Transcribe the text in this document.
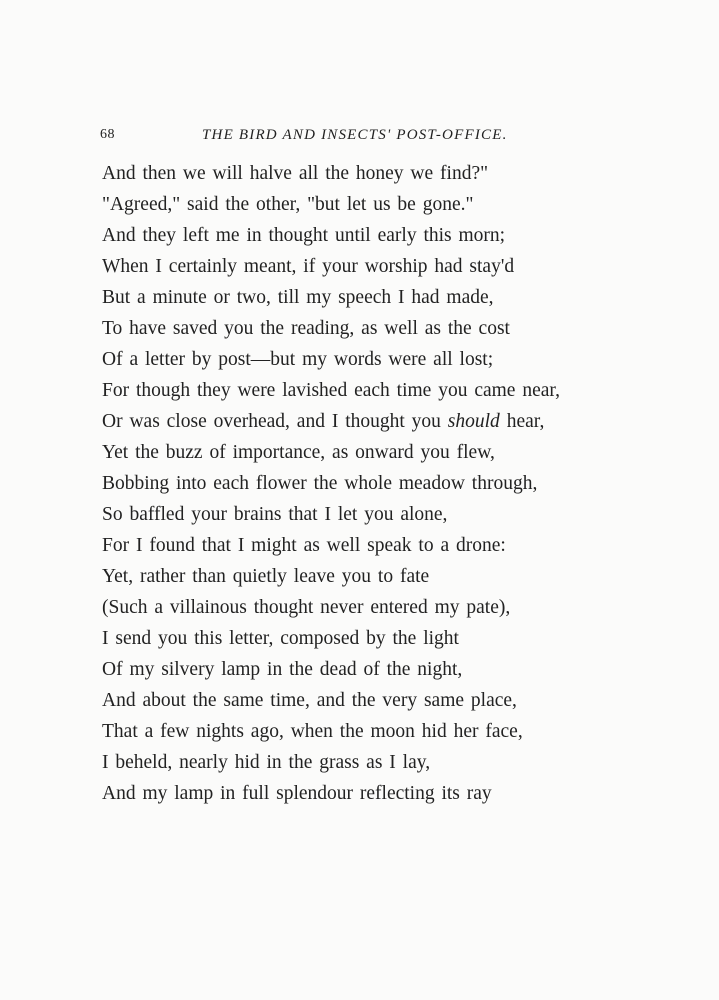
68	THE BIRD AND INSECTS' POST-OFFICE.
And then we will halve all the honey we find?"
"Agreed," said the other, "but let us be gone."
And they left me in thought until early this morn;
When I certainly meant, if your worship had stay'd
But a minute or two, till my speech I had made,
To have saved you the reading, as well as the cost
Of a letter by post—but my words were all lost;
For though they were lavished each time you came near,
Or was close overhead, and I thought you should hear,
Yet the buzz of importance, as onward you flew,
Bobbing into each flower the whole meadow through,
So baffled your brains that I let you alone,
For I found that I might as well speak to a drone:
Yet, rather than quietly leave you to fate
(Such a villainous thought never entered my pate),
I send you this letter, composed by the light
Of my silvery lamp in the dead of the night,
And about the same time, and the very same place,
That a few nights ago, when the moon hid her face,
I beheld, nearly hid in the grass as I lay,
And my lamp in full splendour reflecting its ray
